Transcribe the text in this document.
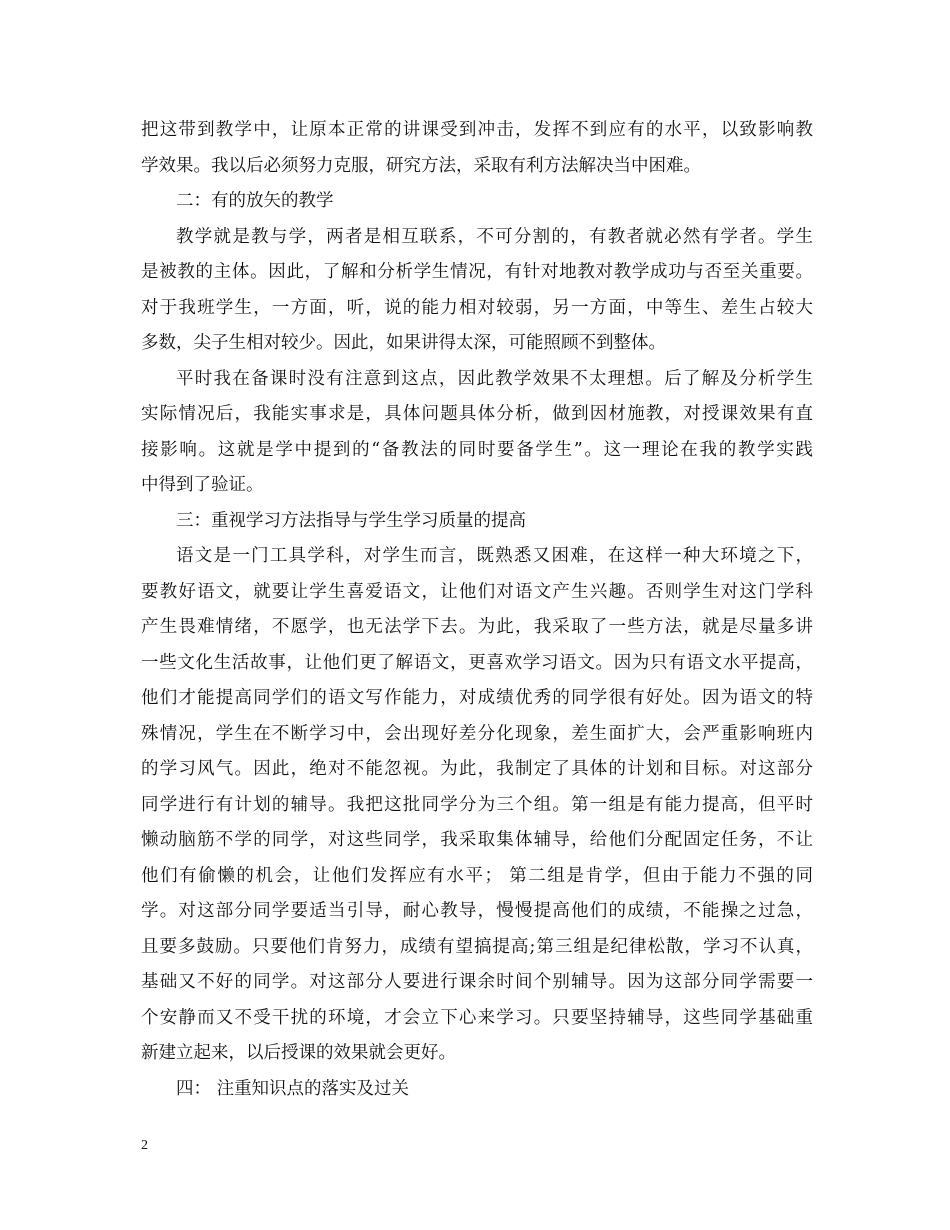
把这带到教学中，让原本正常的讲课受到冲击，发挥不到应有的水平，以致影响教
学效果。我以后必须努力克服，研究方法，采取有利方法解决当中困难。
二：有的放矢的教学
教学就是教与学，两者是相互联系，不可分割的，有教者就必然有学者。学生
是被教的主体。因此，了解和分析学生情况，有针对地教对教学成功与否至关重要。
对于我班学生，一方面，听，说的能力相对较弱，另一方面，中等生、差生占较大
多数，尖子生相对较少。因此，如果讲得太深，可能照顾不到整体。
平时我在备课时没有注意到这点，因此教学效果不太理想。后了解及分析学生
实际情况后，我能实事求是，具体问题具体分析，做到因材施教，对授课效果有直
接影响。这就是学中提到的“备教法的同时要备学生”。这一理论在我的教学实践
中得到了验证。
三：重视学习方法指导与学生学习质量的提高
语文是一门工具学科，对学生而言，既熟悉又困难，在这样一种大环境之下，
要教好语文，就要让学生喜爱语文，让他们对语文产生兴趣。否则学生对这门学科
产生畏难情绪，不愿学，也无法学下去。为此，我采取了一些方法，就是尽量多讲
一些文化生活故事，让他们更了解语文，更喜欢学习语文。因为只有语文水平提高，
他们才能提高同学们的语文写作能力，对成绩优秀的同学很有好处。因为语文的特
殊情况，学生在不断学习中，会出现好差分化现象，差生面扩大，会严重影响班内
的学习风气。因此，绝对不能忽视。为此，我制定了具体的计划和目标。对这部分
同学进行有计划的辅导。我把这批同学分为三个组。第一组是有能力提高，但平时
懒动脑筋不学的同学，对这些同学，我采取集体辅导，给他们分配固定任务，不让
他们有偷懒的机会，让他们发挥应有水平； 第二组是肯学，但由于能力不强的同
学。对这部分同学要适当引导，耐心教导，慢慢提高他们的成绩，不能操之过急，
且要多鼓励。只要他们肯努力，成绩有望搞提高;第三组是纪律松散，学习不认真，
基础又不好的同学。对这部分人要进行课余时间个别辅导。因为这部分同学需要一
个安静而又不受干扰的环境，才会立下心来学习。只要坚持辅导，这些同学基础重
新建立起来，以后授课的效果就会更好。
四： 注重知识点的落实及过关
2
